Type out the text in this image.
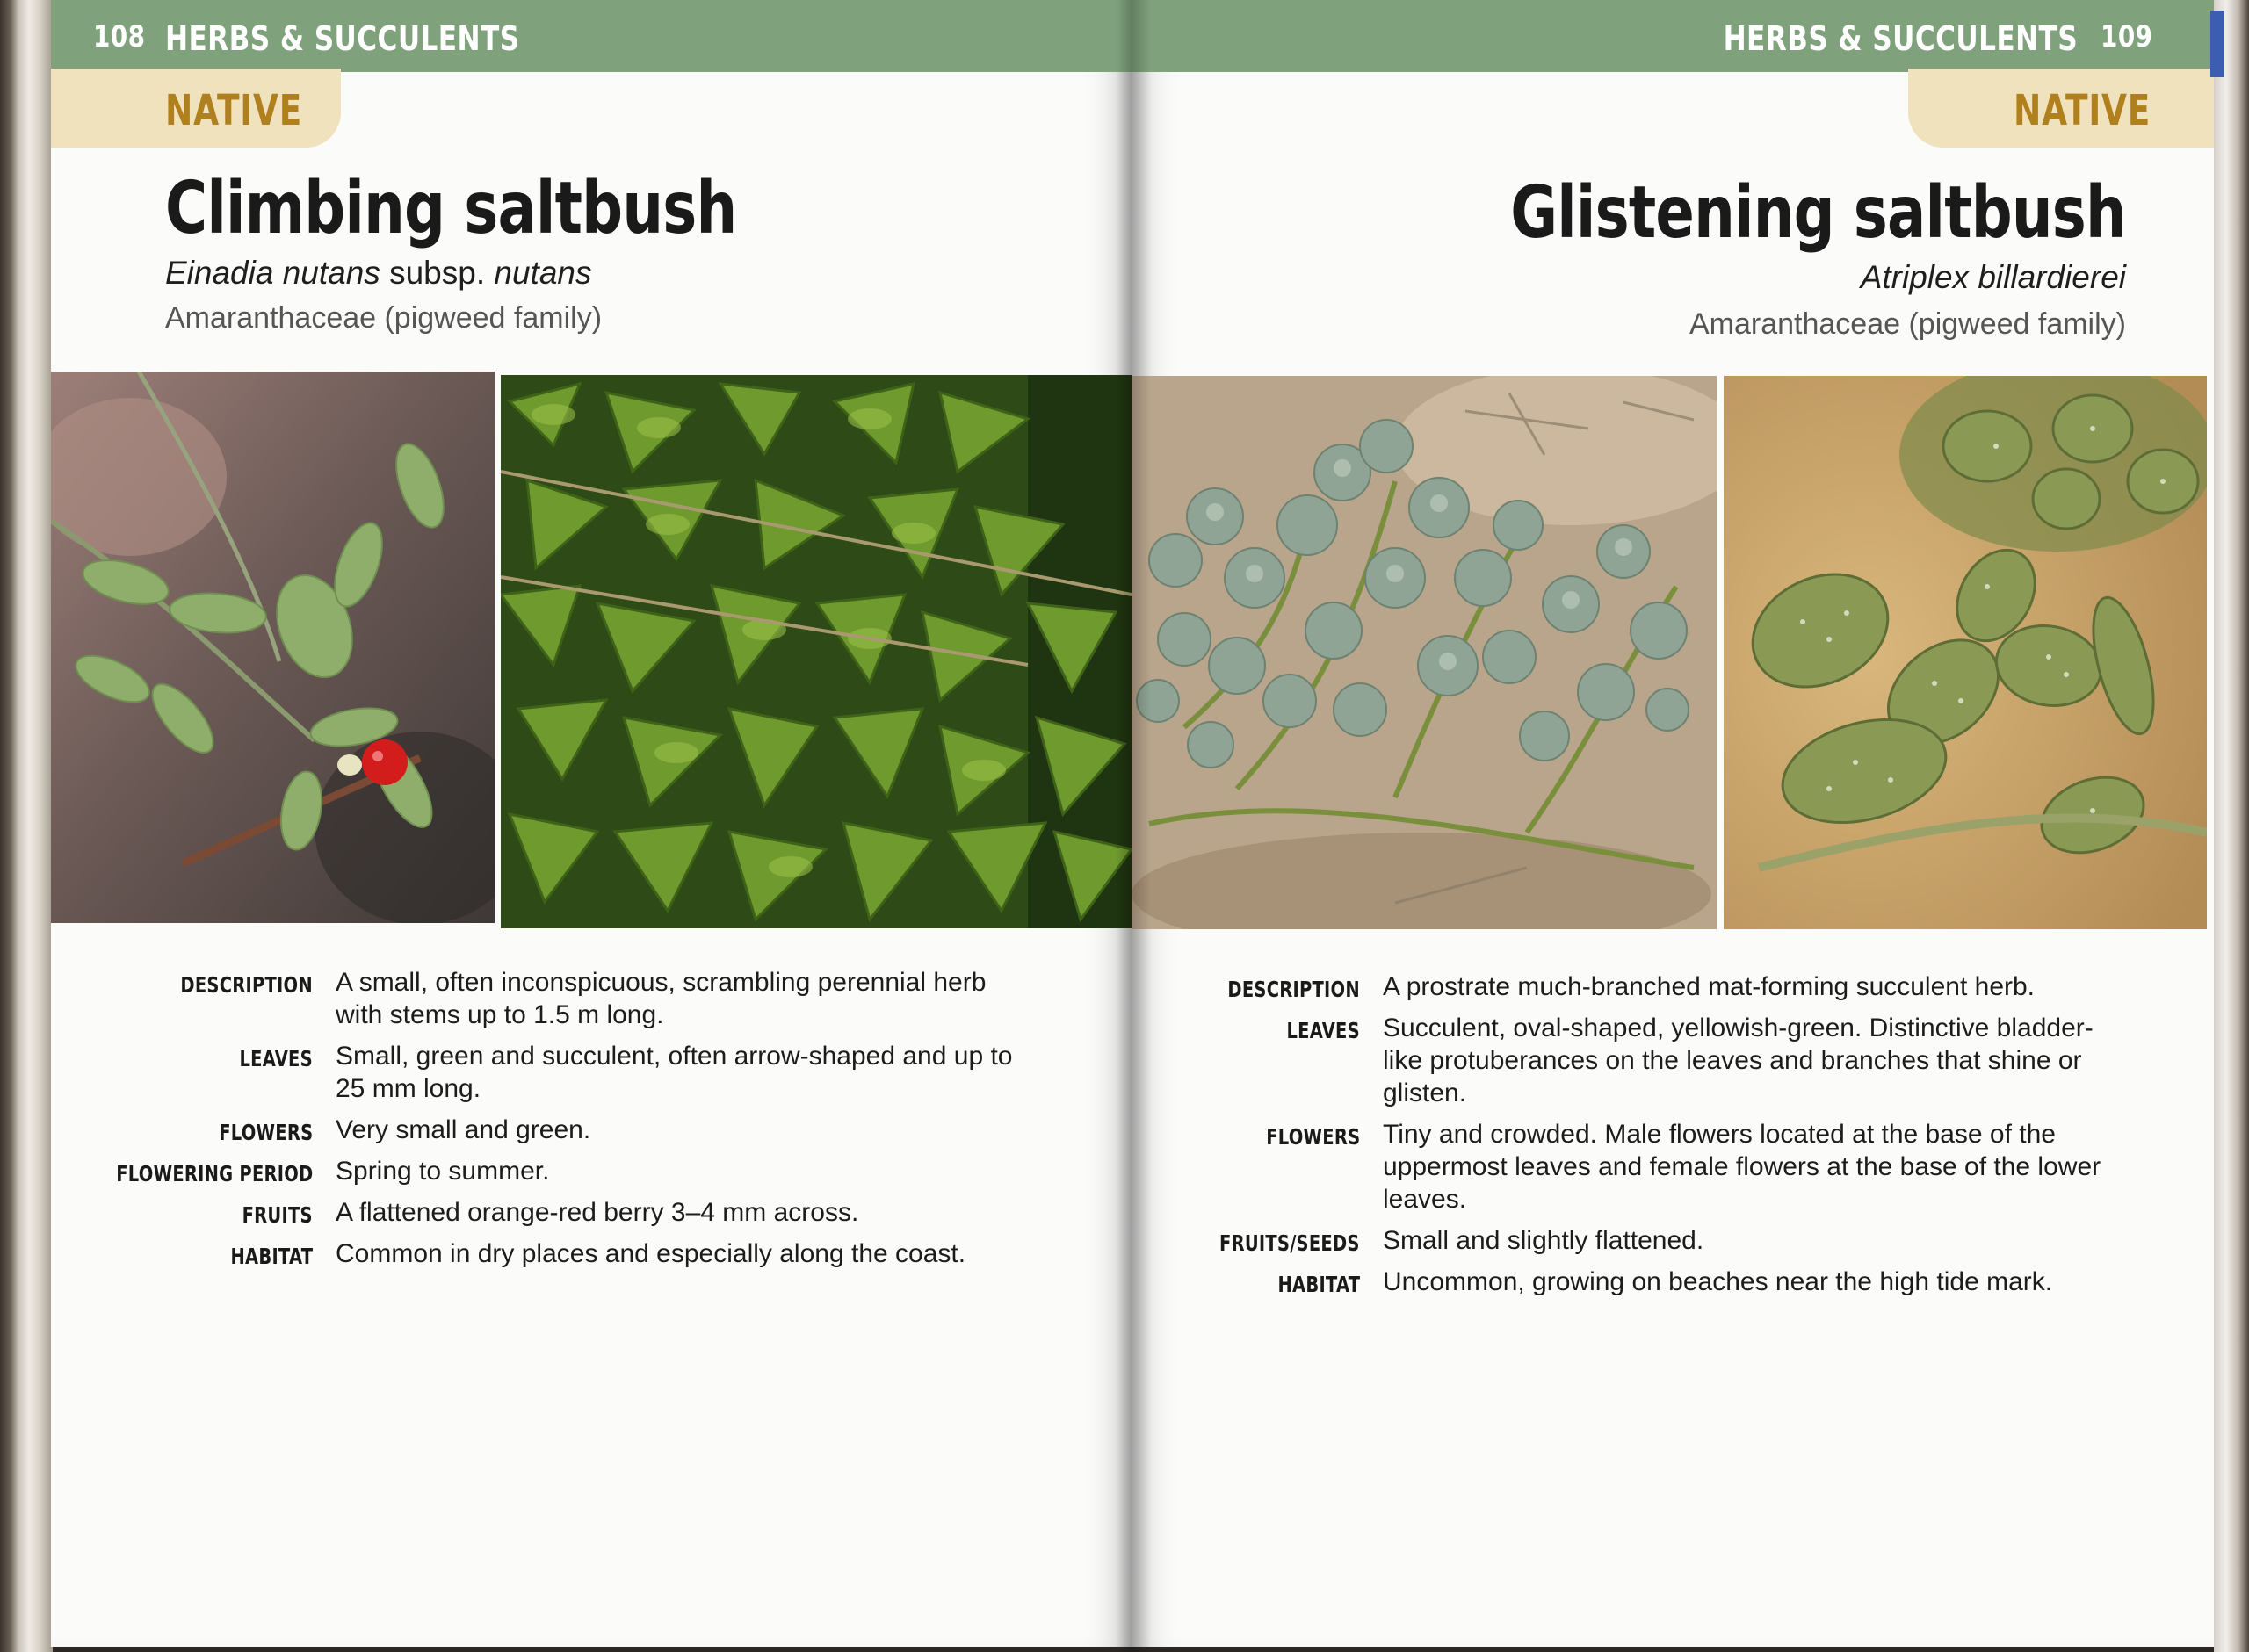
108 HERBS & SUCCULENTS
NATIVE
Climbing saltbush
Einadia nutans subsp. nutans
Amaranthaceae (pigweed family)
DESCRIPTION A small, often inconspicuous, scrambling perennial herb with stems up to 1.5 m long.
LEAVES Small, green and succulent, often arrow-shaped and up to 25 mm long.
FLOWERS Very small and green.
FLOWERING PERIOD Spring to summer.
FRUITS A flattened orange-red berry 3–4 mm across.
HABITAT Common in dry places and especially along the coast.
HERBS & SUCCULENTS 109
NATIVE
Glistening saltbush
Atriplex billardierei
Amaranthaceae (pigweed family)
DESCRIPTION A prostrate much-branched mat-forming succulent herb.
LEAVES Succulent, oval-shaped, yellowish-green. Distinctive bladder-like protuberances on the leaves and branches that shine or glisten.
FLOWERS Tiny and crowded. Male flowers located at the base of the uppermost leaves and female flowers at the base of the lower leaves.
FRUITS/SEEDS Small and slightly flattened.
HABITAT Uncommon, growing on beaches near the high tide mark.
